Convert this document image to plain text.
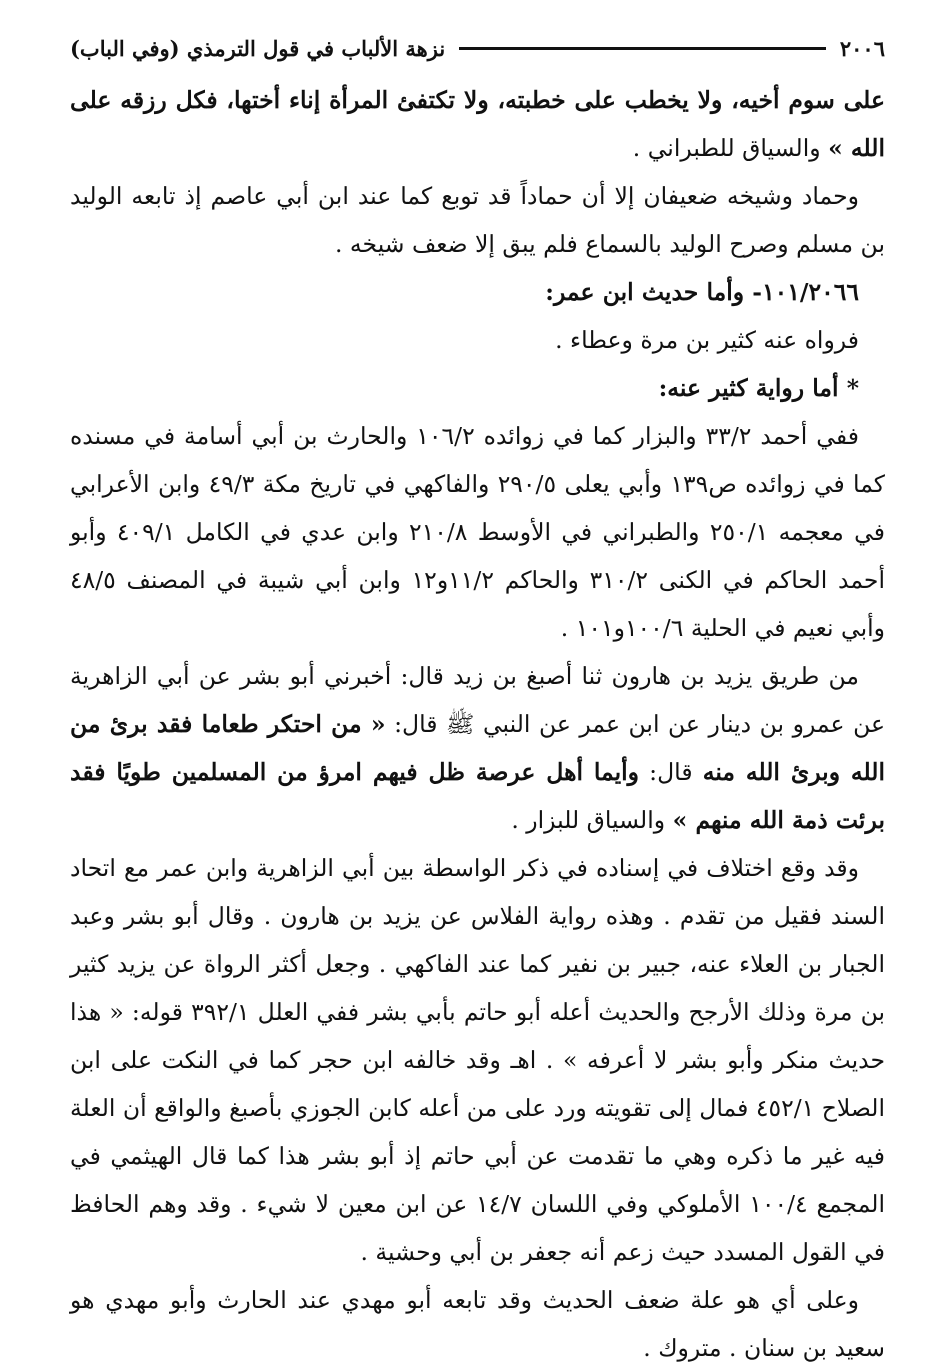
٢٠٠٦
نزهة الألباب في قول الترمذي (وفي الباب)

على سوم أخيه، ولا يخطب على خطبته، ولا تكتفئ المرأة إناء أختها، فكل رزقه على الله » والسياق للطبراني .

وحماد وشيخه ضعيفان إلا أن حماداً قد توبع كما عند ابن أبي عاصم إذ تابعه الوليد بن مسلم وصرح الوليد بالسماع فلم يبق إلا ضعف شيخه .

١٠١/٢٠٦٦- وأما حديث ابن عمر:

فرواه عنه كثير بن مرة وعطاء .

* أما رواية كثير عنه:

ففي أحمد ٣٣/٢ والبزار كما في زوائده ١٠٦/٢ والحارث بن أبي أسامة في مسنده كما في زوائده ص١٣٩ وأبي يعلى ٢٩٠/٥ والفاكهي في تاريخ مكة ٤٩/٣ وابن الأعرابي في معجمه ٢٥٠/١ والطبراني في الأوسط ٢١٠/٨ وابن عدي في الكامل ٤٠٩/١ وأبو أحمد الحاكم في الكنى ٣١٠/٢ والحاكم ١١/٢و١٢ وابن أبي شيبة في المصنف ٤٨/٥ وأبي نعيم في الحلية ١٠٠/٦و١٠١ .

من طريق يزيد بن هارون ثنا أصبغ بن زيد قال: أخبرني أبو بشر عن أبي الزاهرية عن عمرو بن دينار عن ابن عمر عن النبي ﷺ قال: « من احتكر طعاما فقد برئ من الله وبرئ الله منه قال: وأيما أهل عرصة ظل فيهم امرؤ من المسلمين طويًا فقد برئت ذمة الله منهم » والسياق للبزار .

وقد وقع اختلاف في إسناده في ذكر الواسطة بين أبي الزاهرية وابن عمر مع اتحاد السند فقيل من تقدم . وهذه رواية الفلاس عن يزيد بن هارون . وقال أبو بشر وعبد الجبار بن العلاء عنه، جبير بن نفير كما عند الفاكهي . وجعل أكثر الرواة عن يزيد كثير بن مرة وذلك الأرجح والحديث أعله أبو حاتم بأبي بشر ففي العلل ٣٩٢/١ قوله: « هذا حديث منكر وأبو بشر لا أعرفه » . اهـ وقد خالفه ابن حجر كما في النكت على ابن الصلاح ٤٥٢/١ فمال إلى تقويته ورد على من أعله كابن الجوزي بأصبغ والواقع أن العلة فيه غير ما ذكره وهي ما تقدمت عن أبي حاتم إذ أبو بشر هذا كما قال الهيثمي في المجمع ١٠٠/٤ الأملوكي وفي اللسان ١٤/٧ عن ابن معين لا شيء . وقد وهم الحافظ في القول المسدد حيث زعم أنه جعفر بن أبي وحشية .

وعلى أي هو علة ضعف الحديث وقد تابعه أبو مهدي عند الحارث وأبو مهدي هو سعيد بن سنان . متروك .
